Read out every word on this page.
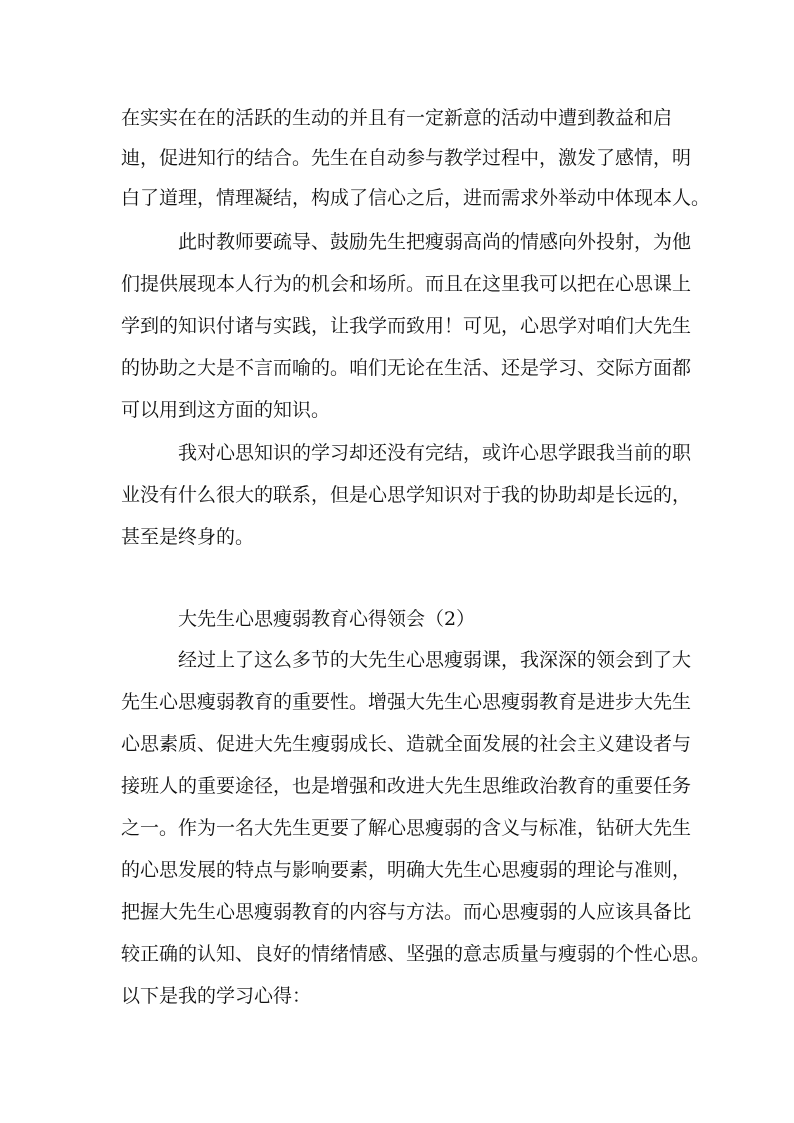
在实实在在的活跃的生动的并且有一定新意的活动中遭到教益和启
迪，促进知行的结合。先生在自动参与教学过程中，激发了感情，明
白了道理，情理凝结，构成了信心之后，进而需求外举动中体现本人。
此时教师要疏导、鼓励先生把瘦弱高尚的情感向外投射，为他
们提供展现本人行为的机会和场所。而且在这里我可以把在心思课上
学到的知识付诸与实践，让我学而致用！可见，心思学对咱们大先生
的协助之大是不言而喻的。咱们无论在生活、还是学习、交际方面都
可以用到这方面的知识。
我对心思知识的学习却还没有完结，或许心思学跟我当前的职
业没有什么很大的联系，但是心思学知识对于我的协助却是长远的，
甚至是终身的。
大先生心思瘦弱教育心得领会（2）
经过上了这么多节的大先生心思瘦弱课，我深深的领会到了大
先生心思瘦弱教育的重要性。增强大先生心思瘦弱教育是进步大先生
心思素质、促进大先生瘦弱成长、造就全面发展的社会主义建设者与
接班人的重要途径，也是增强和改进大先生思维政治教育的重要任务
之一。作为一名大先生更要了解心思瘦弱的含义与标准，钻研大先生
的心思发展的特点与影响要素，明确大先生心思瘦弱的理论与准则，
把握大先生心思瘦弱教育的内容与方法。而心思瘦弱的人应该具备比
较正确的认知、良好的情绪情感、坚强的意志质量与瘦弱的个性心思。
以下是我的学习心得：
